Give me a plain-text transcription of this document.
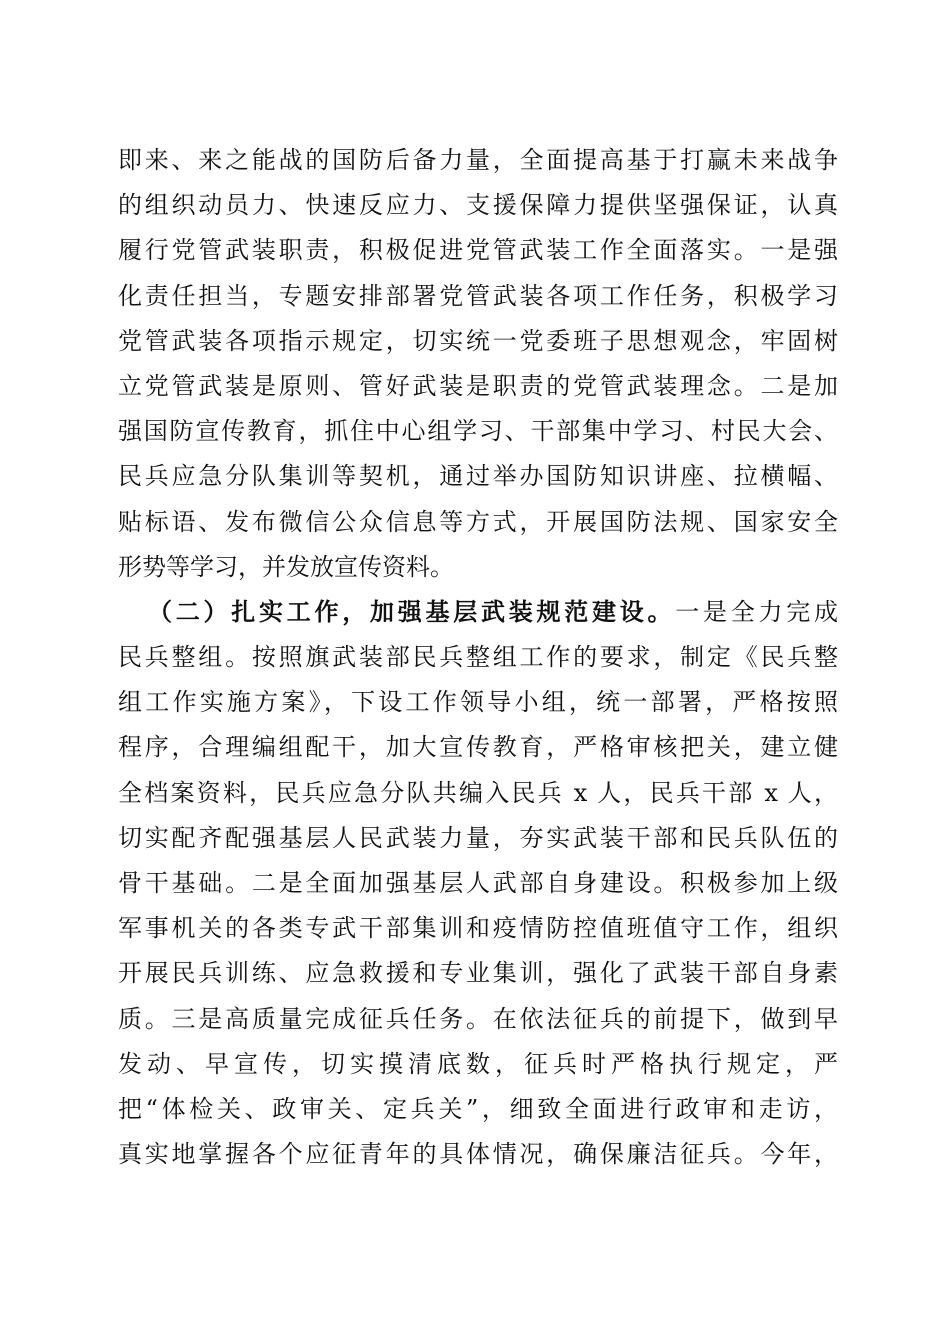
即来、来之能战的国防后备力量，全面提高基于打赢未来战争
的组织动员力、快速反应力、支援保障力提供坚强保证，认真
履行党管武装职责，积极促进党管武装工作全面落实。一是强
化责任担当，专题安排部署党管武装各项工作任务，积极学习
党管武装各项指示规定，切实统一党委班子思想观念，牢固树
立党管武装是原则、管好武装是职责的党管武装理念。二是加
强国防宣传教育，抓住中心组学习、干部集中学习、村民大会、
民兵应急分队集训等契机，通过举办国防知识讲座、拉横幅、
贴标语、发布微信公众信息等方式，开展国防法规、国家安全
形势等学习，并发放宣传资料。
（二）扎实工作，加强基层武装规范建设。一是全力完成
民兵整组。按照旗武装部民兵整组工作的要求，制定《民兵整
组工作实施方案》，下设工作领导小组，统一部署，严格按照
程序，合理编组配干，加大宣传教育，严格审核把关，建立健
全档案资料，民兵应急分队共编入民兵 x 人，民兵干部 x 人，
切实配齐配强基层人民武装力量，夯实武装干部和民兵队伍的
骨干基础。二是全面加强基层人武部自身建设。积极参加上级
军事机关的各类专武干部集训和疫情防控值班值守工作，组织
开展民兵训练、应急救援和专业集训，强化了武装干部自身素
质。三是高质量完成征兵任务。在依法征兵的前提下，做到早
发动、早宣传，切实摸清底数，征兵时严格执行规定，严
把“体检关、政审关、定兵关”，细致全面进行政审和走访，
真实地掌握各个应征青年的具体情况，确保廉洁征兵。今年，
